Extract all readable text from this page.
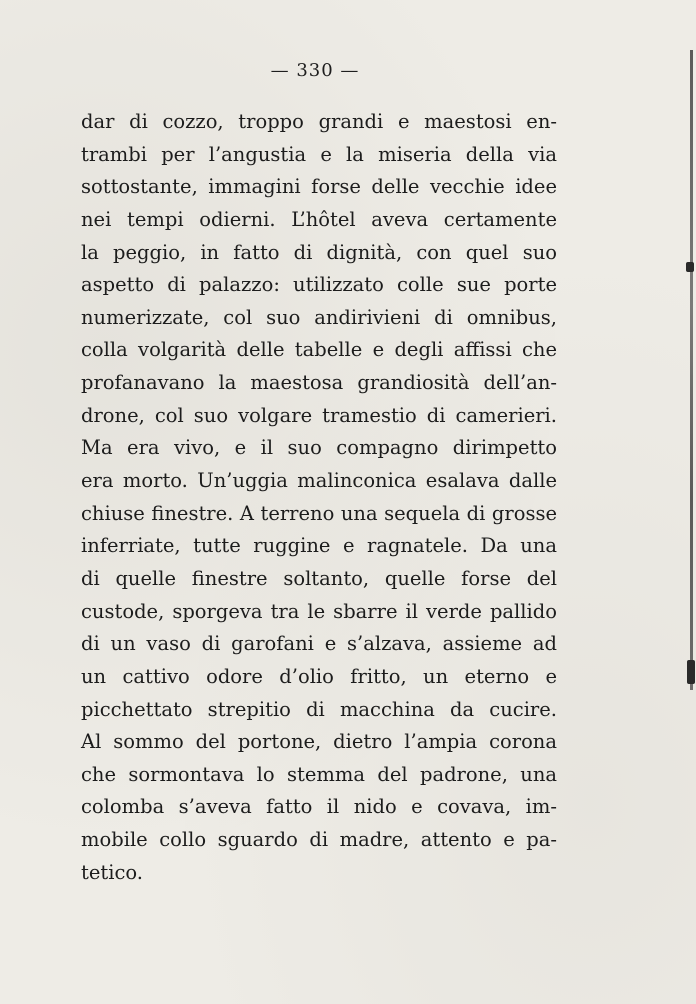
— 330 —
dar di cozzo, troppo grandi e maestosi en-
trambi per l’angustia e la miseria della via
sottostante, immagini forse delle vecchie idee
nei tempi odierni. L’hôtel aveva certamente
la peggio, in fatto di dignità, con quel suo
aspetto di palazzo: utilizzato colle sue porte
numerizzate, col suo andirivieni di omnibus,
colla volgarità delle tabelle e degli affissi che
profanavano la maestosa grandiosità dell’an-
drone, col suo volgare tramestio di camerieri.
Ma era vivo, e il suo compagno dirimpetto
era morto. Un’uggia malinconica esalava dalle
chiuse finestre. A terreno una sequela di grosse
inferriate, tutte ruggine e ragnatele. Da una
di quelle finestre soltanto, quelle forse del
custode, sporgeva tra le sbarre il verde pallido
di un vaso di garofani e s’alzava, assieme ad
un cattivo odore d’olio fritto, un eterno e
picchettato strepitio di macchina da cucire.
Al sommo del portone, dietro l’ampia corona
che sormontava lo stemma del padrone, una
colomba s’aveva fatto il nido e covava, im-
mobile collo sguardo di madre, attento e pa-
tetico.
